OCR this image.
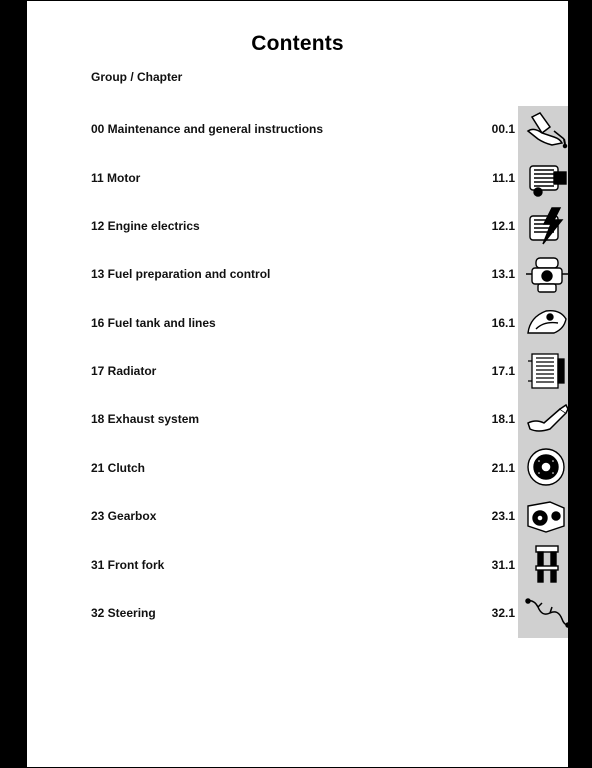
Contents
Group / Chapter
00 Maintenance and general instructions	00.1
11 Motor	11.1
12 Engine electrics	12.1
13 Fuel preparation and control	13.1
16 Fuel tank and lines	16.1
17 Radiator	17.1
18 Exhaust system	18.1
21 Clutch	21.1
23 Gearbox	23.1
31 Front fork	31.1
32 Steering	32.1
